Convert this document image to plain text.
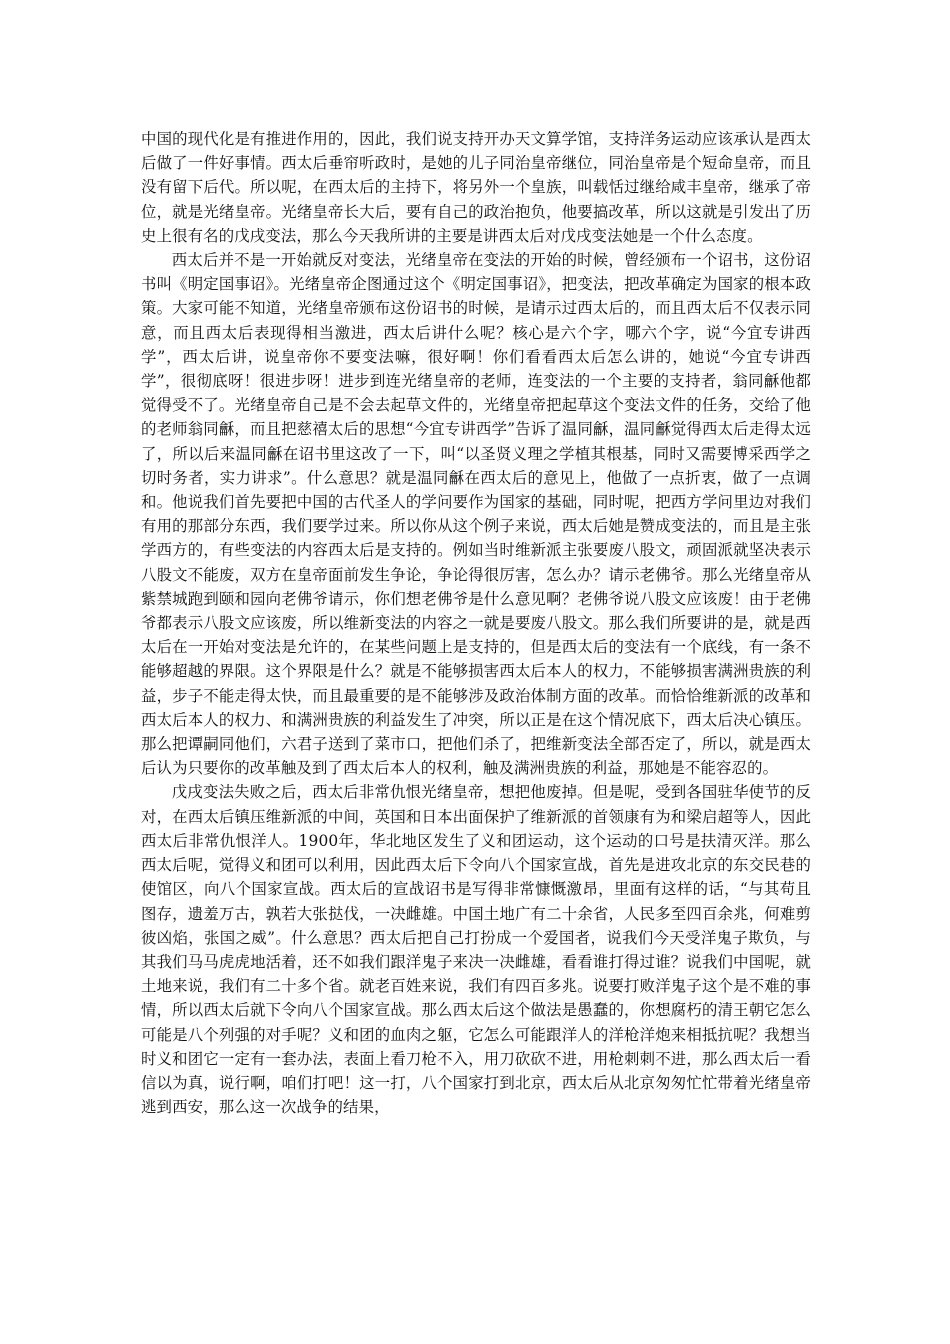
中国的现代化是有推进作用的，因此，我们说支持开办天文算学馆，支持洋务运动应该承认是西太后做了一件好事情。西太后垂帘听政时，是她的儿子同治皇帝继位，同治皇帝是个短命皇帝，而且没有留下后代。所以呢，在西太后的主持下，将另外一个皇族，叫载恬过继给咸丰皇帝，继承了帝位，就是光绪皇帝。光绪皇帝长大后，要有自己的政治抱负，他要搞改革，所以这就是引发出了历史上很有名的戊戌变法，那么今天我所讲的主要是讲西太后对戊戌变法她是一个什么态度。

西太后并不是一开始就反对变法，光绪皇帝在变法的开始的时候，曾经颁布一个诏书，这份诏书叫《明定国事诏》。光绪皇帝企图通过这个《明定国事诏》，把变法，把改革确定为国家的根本政策。大家可能不知道，光绪皇帝颁布这份诏书的时候，是请示过西太后的，而且西太后不仅表示同意，而且西太后表现得相当激进，西太后讲什么呢？核心是六个字，哪六个字，说“今宜专讲西学”，西太后讲，说皇帝你不要变法嘛，很好啊！你们看看西太后怎么讲的，她说“今宜专讲西学”，很彻底呀！很进步呀！进步到连光绪皇帝的老师，连变法的一个主要的支持者，翁同龢他都觉得受不了。光绪皇帝自己是不会去起草文件的，光绪皇帝把起草这个变法文件的任务，交给了他的老师翁同龢，而且把慈禧太后的思想“今宜专讲西学”告诉了温同龢，温同龢觉得西太后走得太远了，所以后来温同龢在诏书里这改了一下，叫“以圣贤义理之学植其根基，同时又需要博采西学之切时务者，实力讲求”。什么意思？就是温同龢在西太后的意见上，他做了一点折衷，做了一点调和。他说我们首先要把中国的古代圣人的学问要作为国家的基础，同时呢，把西方学问里边对我们有用的那部分东西，我们要学过来。所以你从这个例子来说，西太后她是赞成变法的，而且是主张学西方的，有些变法的内容西太后是支持的。例如当时维新派主张要废八股文，顽固派就坚决表示八股文不能废，双方在皇帝面前发生争论，争论得很厉害，怎么办？请示老佛爷。那么光绪皇帝从紫禁城跑到颐和园向老佛爷请示，你们想老佛爷是什么意见啊？老佛爷说八股文应该废！由于老佛爷都表示八股文应该废，所以维新变法的内容之一就是要废八股文。那么我们所要讲的是，就是西太后在一开始对变法是允许的，在某些问题上是支持的，但是西太后的变法有一个底线，有一条不能够超越的界限。这个界限是什么？就是不能够损害西太后本人的权力，不能够损害满洲贵族的利益，步子不能走得太快，而且最重要的是不能够涉及政治体制方面的改革。而恰恰维新派的改革和西太后本人的权力、和满洲贵族的利益发生了冲突，所以正是在这个情况底下，西太后决心镇压。那么把谭嗣同他们，六君子送到了菜市口，把他们杀了，把维新变法全部否定了，所以，就是西太后认为只要你的改革触及到了西太后本人的权利，触及满洲贵族的利益，那她是不能容忍的。

戊戌变法失败之后，西太后非常仇恨光绪皇帝，想把他废掉。但是呢，受到各国驻华使节的反对，在西太后镇压维新派的中间，英国和日本出面保护了维新派的首领康有为和梁启超等人，因此西太后非常仇恨洋人。1900年，华北地区发生了义和团运动，这个运动的口号是扶清灭洋。那么西太后呢，觉得义和团可以利用，因此西太后下令向八个国家宣战，首先是进攻北京的东交民巷的使馆区，向八个国家宣战。西太后的宣战诏书是写得非常慷慨激昂，里面有这样的话，“与其苟且图存，遗羞万古，孰若大张挞伐，一决雌雄。中国土地广有二十余省，人民多至四百余兆，何难剪彼凶焰，张国之威”。什么意思？西太后把自己打扮成一个爱国者，说我们今天受洋鬼子欺负，与其我们马马虎虎地活着，还不如我们跟洋鬼子来决一决雌雄，看看谁打得过谁？说我们中国呢，就土地来说，我们有二十多个省。就老百姓来说，我们有四百多兆。说要打败洋鬼子这个是不难的事情，所以西太后就下令向八个国家宣战。那么西太后这个做法是愚蠢的，你想腐朽的清王朝它怎么可能是八个列强的对手呢？义和团的血肉之躯，它怎么可能跟洋人的洋枪洋炮来相抵抗呢？我想当时义和团它一定有一套办法，表面上看刀枪不入，用刀砍砍不进，用枪刺刺不进，那么西太后一看信以为真，说行啊，咱们打吧！这一打，八个国家打到北京，西太后从北京匆匆忙忙带着光绪皇帝逃到西安，那么这一次战争的结果，
